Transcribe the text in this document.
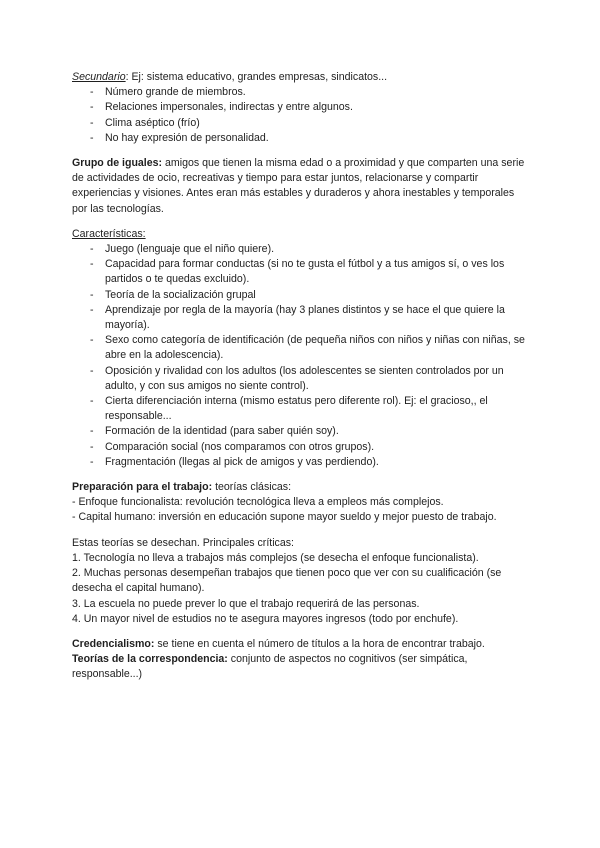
Secundario: Ej: sistema educativo, grandes empresas, sindicatos...

- Número grande de miembros.
- Relaciones impersonales, indirectas y entre algunos.
- Clima aséptico (frío)
- No hay expresión de personalidad.

Grupo de iguales: amigos que tienen la misma edad o a proximidad y que comparten una serie de actividades de ocio, recreativas y tiempo para estar juntos, relacionarse y compartir experiencias y visiones. Antes eran más estables y duraderos y ahora inestables y temporales por las tecnologías.

Características:

- Juego (lenguaje que el niño quiere).
- Capacidad para formar conductas (si no te gusta el fútbol y a tus amigos sí, o ves los partidos o te quedas excluido).
- Teoría de la socialización grupal
- Aprendizaje por regla de la mayoría (hay 3 planes distintos y se hace el que quiere la mayoría).
- Sexo como categoría de identificación (de pequeña niños con niños y niñas con niñas, se abre en la adolescencia).
- Oposición y rivalidad con los adultos (los adolescentes se sienten controlados por un adulto, y con sus amigos no siente control).
- Cierta diferenciación interna (mismo estatus pero diferente rol). Ej: el gracioso,, el responsable...
- Formación de la identidad (para saber quién soy).
- Comparación social (nos comparamos con otros grupos).
- Fragmentación (llegas al pick de amigos y vas perdiendo).

Preparación para el trabajo: teorías clásicas:

- Enfoque funcionalista: revolución tecnológica lleva a empleos más complejos.

- Capital humano: inversión en educación supone mayor sueldo y mejor puesto de trabajo.

Estas teorías se desechan. Principales críticas:

1. Tecnología no lleva a trabajos más complejos (se desecha el enfoque funcionalista).

2. Muchas personas desempeñan trabajos que tienen poco que ver con su cualificación (se desecha el capital humano).

3. La escuela no puede prever lo que el trabajo requerirá de las personas.

4. Un mayor nivel de estudios no te asegura mayores ingresos (todo por enchufe).

Credencialismo: se tiene en cuenta el número de títulos a la hora de encontrar trabajo.

Teorías de la correspondencia: conjunto de aspectos no cognitivos (ser simpática, responsable...)
